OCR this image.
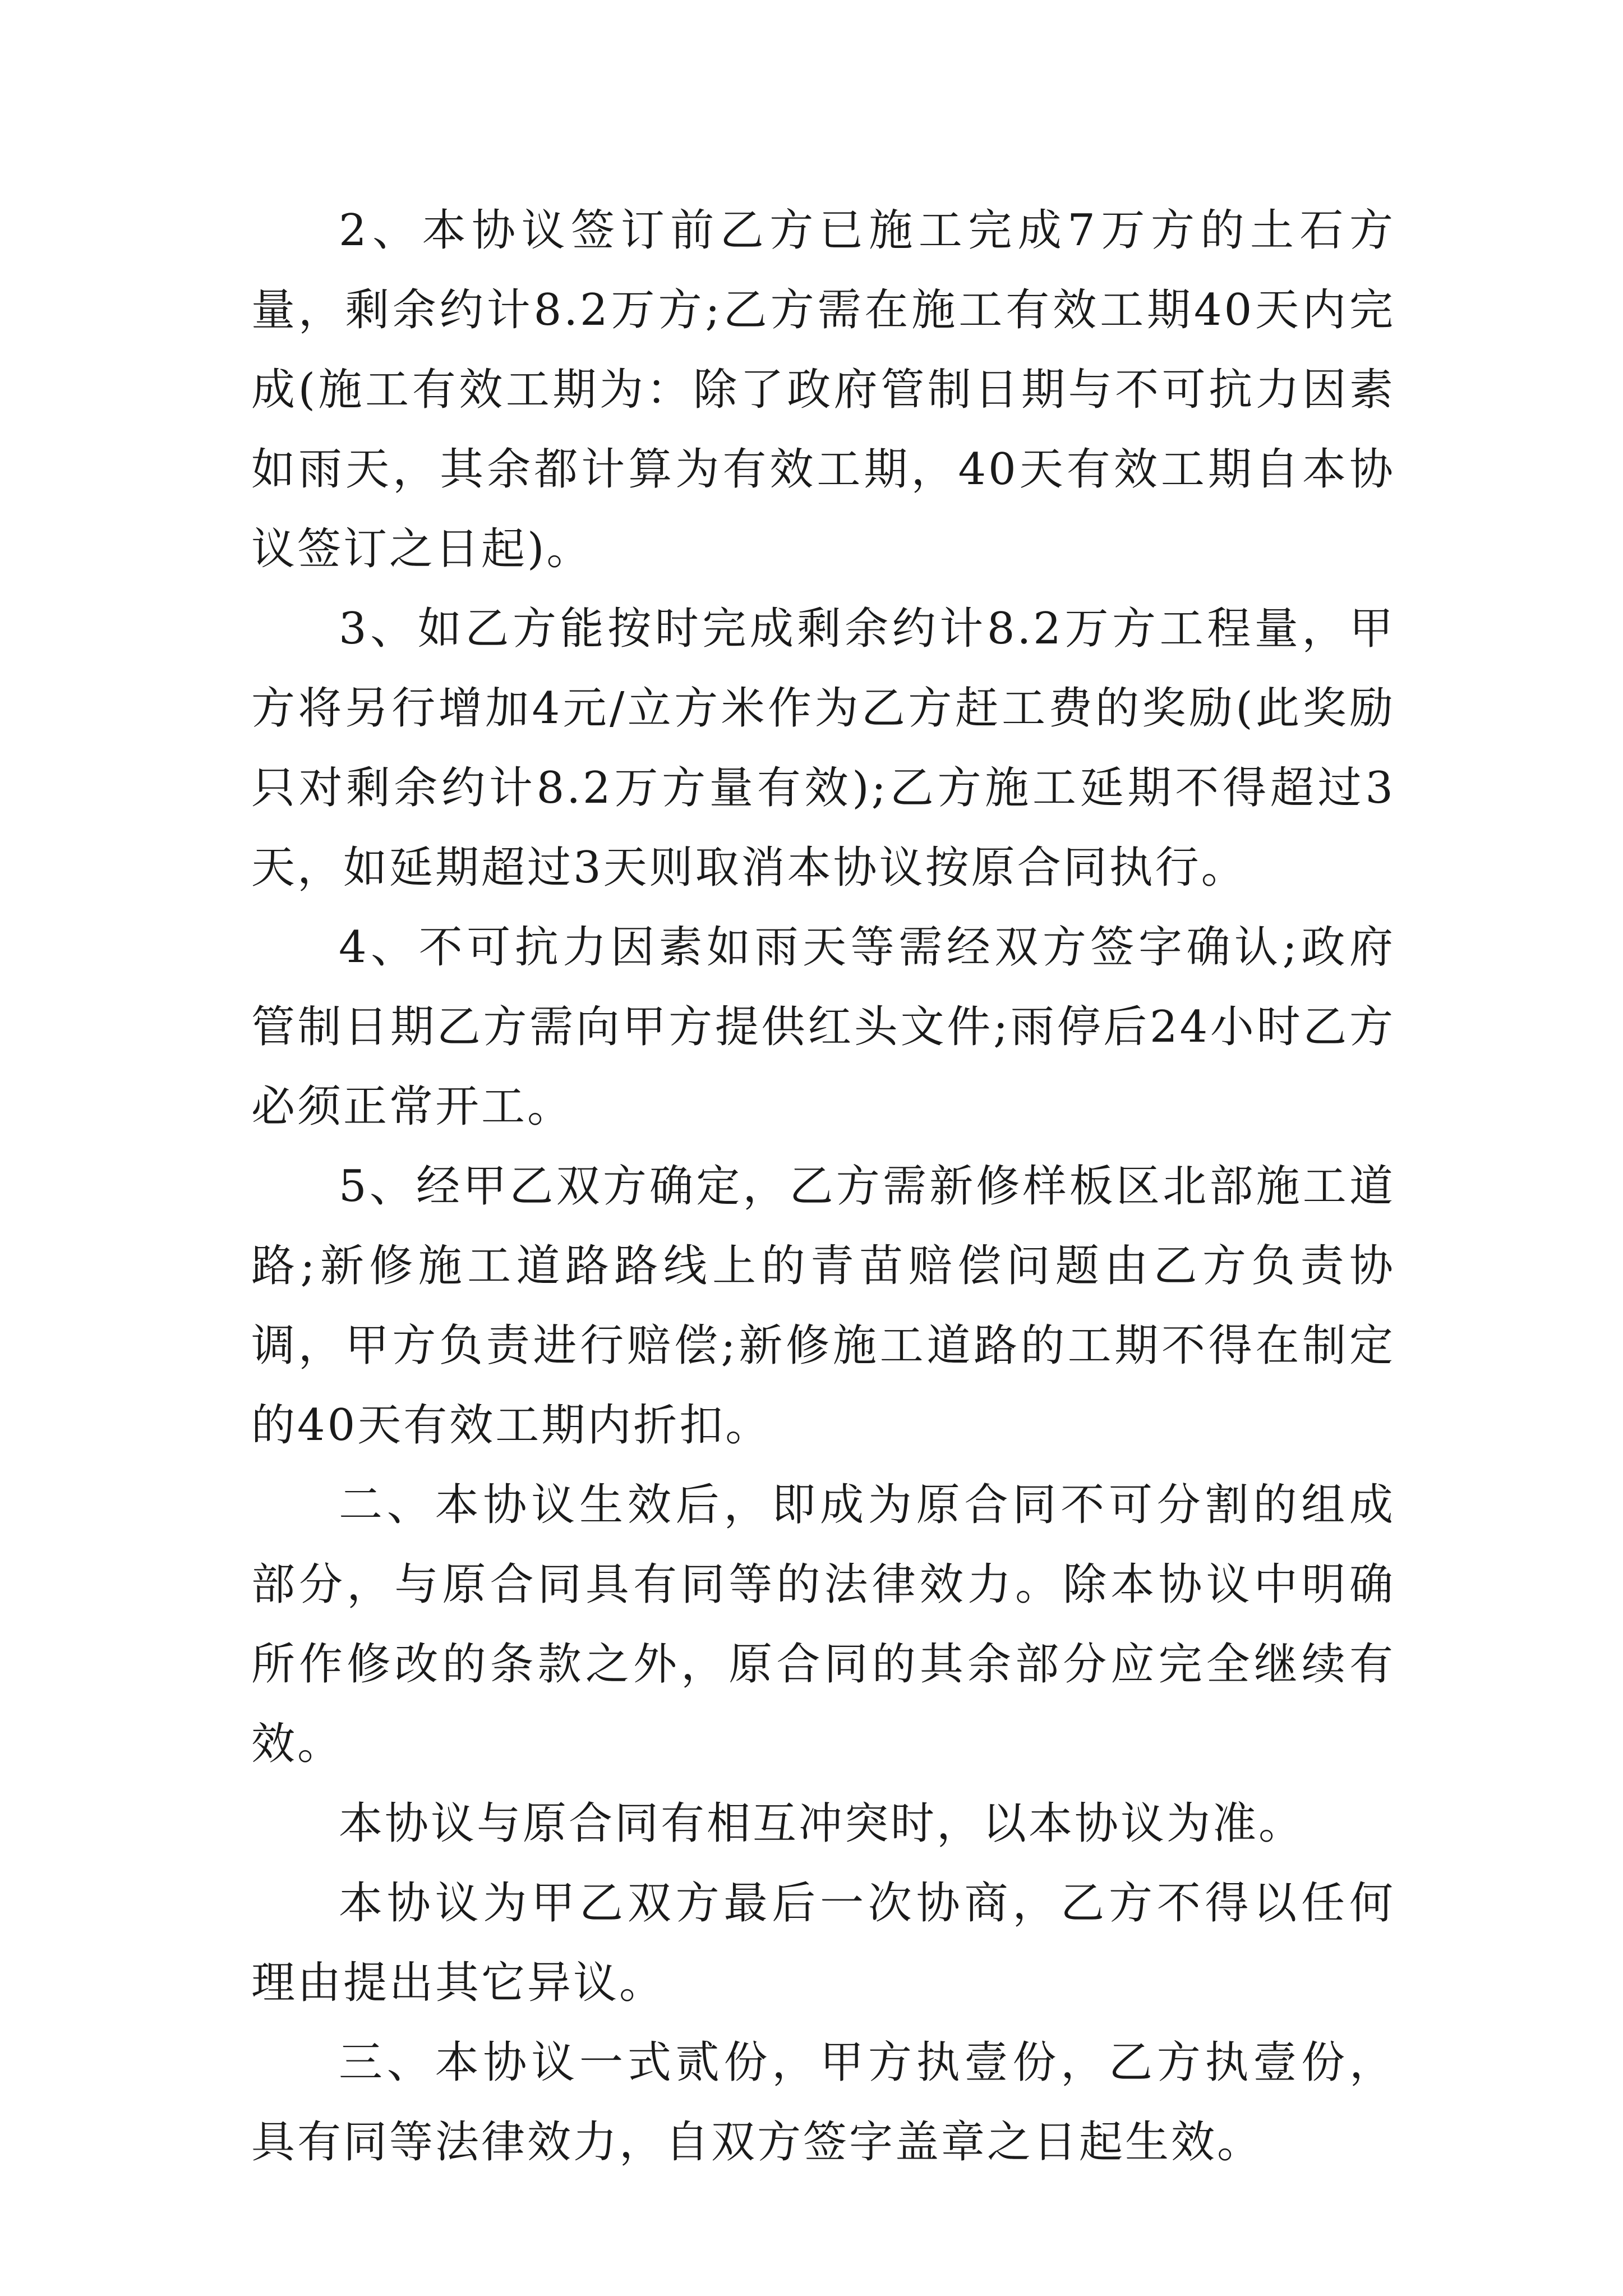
2、本协议签订前乙方已施工完成7万方的土石方量，剩余约计8.2万方;乙方需在施工有效工期40天内完成(施工有效工期为：除了政府管制日期与不可抗力因素如雨天，其余都计算为有效工期，40天有效工期自本协议签订之日起)。

3、如乙方能按时完成剩余约计8.2万方工程量，甲方将另行增加4元/立方米作为乙方赶工费的奖励(此奖励只对剩余约计8.2万方量有效);乙方施工延期不得超过3天，如延期超过3天则取消本协议按原合同执行。

4、不可抗力因素如雨天等需经双方签字确认;政府管制日期乙方需向甲方提供红头文件;雨停后24小时乙方必须正常开工。

5、经甲乙双方确定，乙方需新修样板区北部施工道路;新修施工道路路线上的青苗赔偿问题由乙方负责协调，甲方负责进行赔偿;新修施工道路的工期不得在制定的40天有效工期内折扣。

二、本协议生效后，即成为原合同不可分割的组成部分，与原合同具有同等的法律效力。除本协议中明确所作修改的条款之外，原合同的其余部分应完全继续有效。

本协议与原合同有相互冲突时，以本协议为准。

本协议为甲乙双方最后一次协商，乙方不得以任何理由提出其它异议。

三、本协议一式贰份，甲方执壹份，乙方执壹份，具有同等法律效力，自双方签字盖章之日起生效。
